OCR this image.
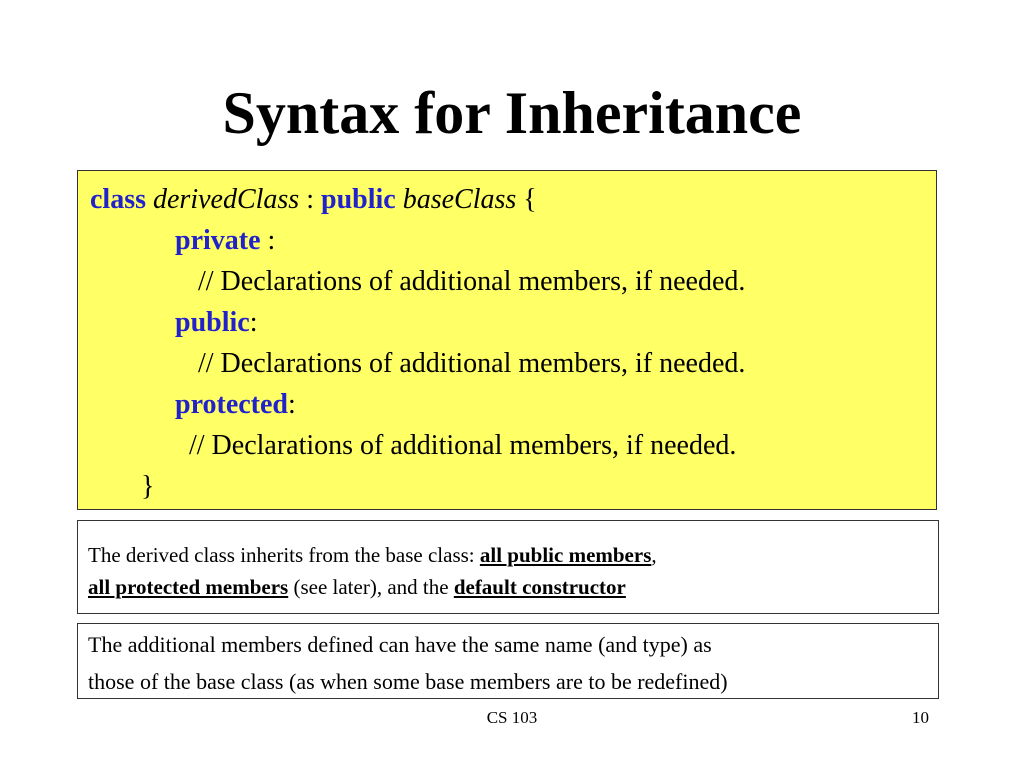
Syntax for Inheritance
class derivedClass : public baseClass {
private :
// Declarations of additional members, if needed.
public:
// Declarations of additional members, if needed.
protected:
// Declarations of additional members, if needed.
}
The derived class inherits from the base class: all public members,
all protected members (see later), and the default constructor
The additional members defined can have the same name (and type) as
those of the base class (as when some base members are to be redefined)
CS 103	10
